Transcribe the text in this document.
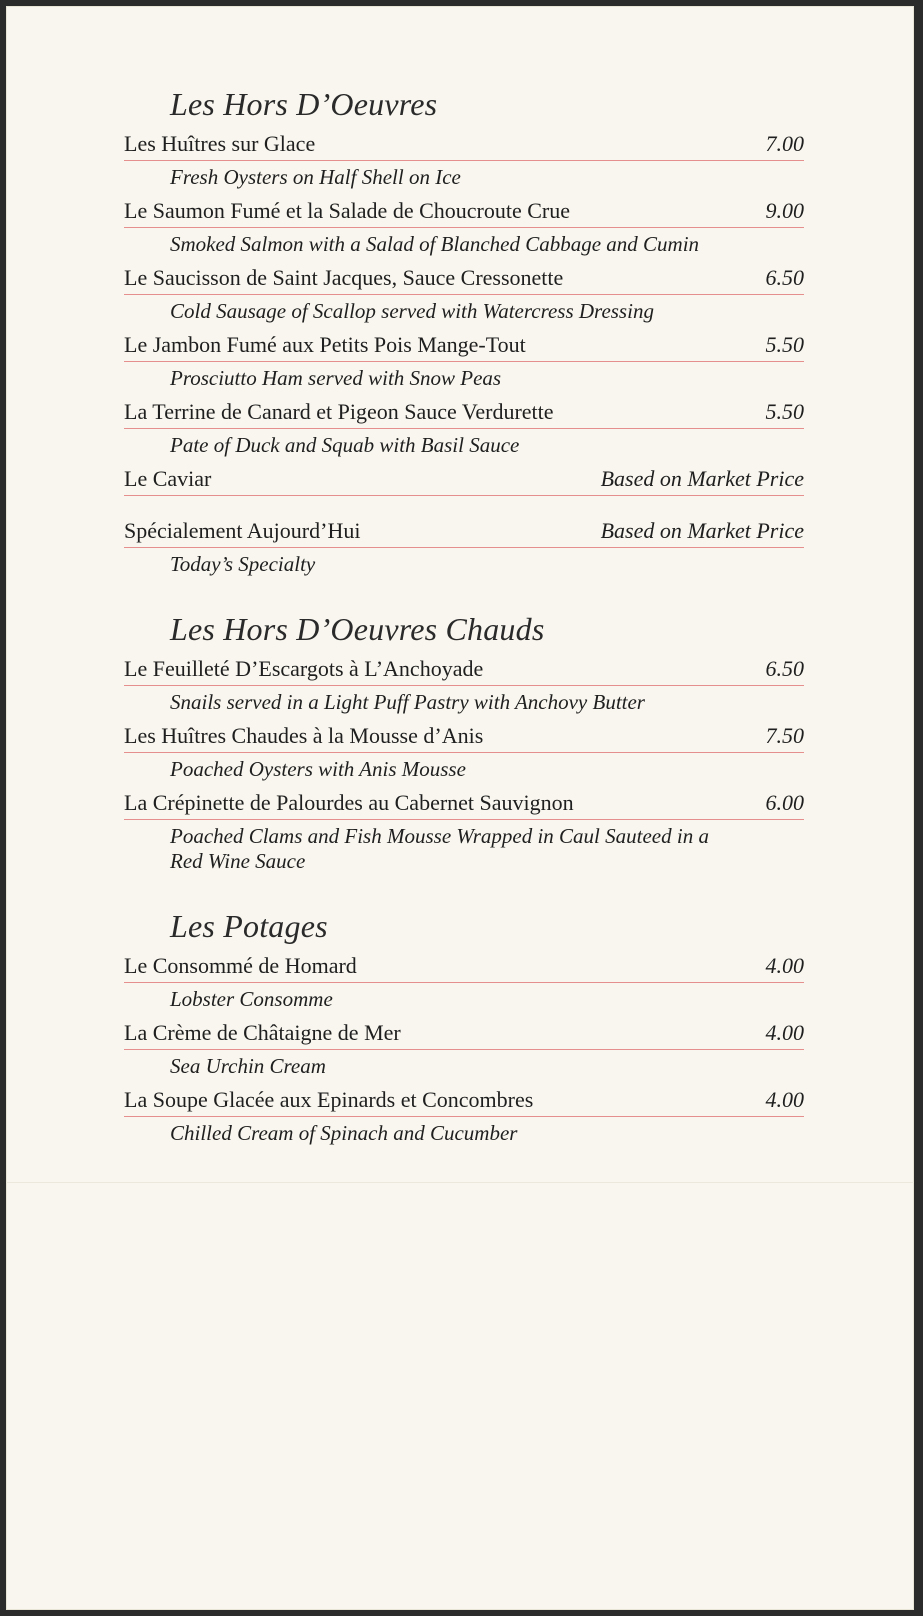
Les Hors D’Oeuvres
Les Huîtres sur Glace	7.00
Fresh Oysters on Half Shell on Ice
Le Saumon Fumé et la Salade de Choucroute Crue	9.00
Smoked Salmon with a Salad of Blanched Cabbage and Cumin
Le Saucisson de Saint Jacques, Sauce Cressonette	6.50
Cold Sausage of Scallop served with Watercress Dressing
Le Jambon Fumé aux Petits Pois Mange-Tout	5.50
Prosciutto Ham served with Snow Peas
La Terrine de Canard et Pigeon Sauce Verdurette	5.50
Pate of Duck and Squab with Basil Sauce
Le Caviar	Based on Market Price
Spécialement Aujourd’Hui	Based on Market Price
Today’s Specialty
Les Hors D’Oeuvres Chauds
Le Feuilleté D’Escargots à L’Anchoyade	6.50
Snails served in a Light Puff Pastry with Anchovy Butter
Les Huîtres Chaudes à la Mousse d’Anis	7.50
Poached Oysters with Anis Mousse
La Crépinette de Palourdes au Cabernet Sauvignon	6.00
Poached Clams and Fish Mousse Wrapped in Caul Sauteed in a Red Wine Sauce
Les Potages
Le Consommé de Homard	4.00
Lobster Consomme
La Crème de Châtaigne de Mer	4.00
Sea Urchin Cream
La Soupe Glacée aux Epinards et Concombres	4.00
Chilled Cream of Spinach and Cucumber
